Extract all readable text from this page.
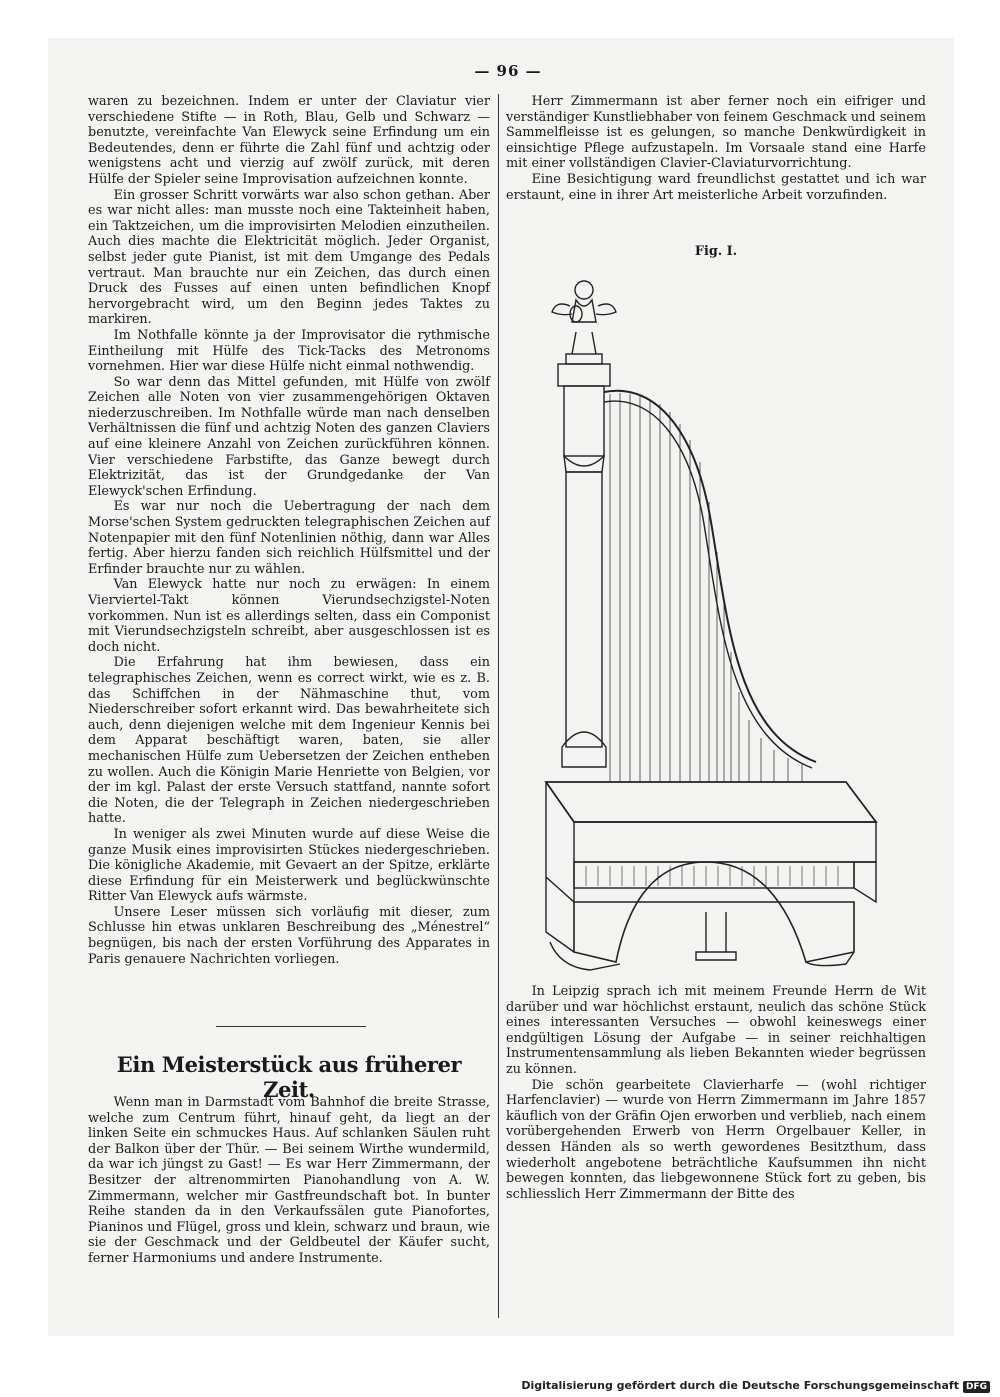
— 96 —

waren zu bezeichnen. Indem er unter der Claviatur vier verschiedene Stifte — in Roth, Blau, Gelb und Schwarz — benutzte, vereinfachte Van Elewyck seine Erfindung um ein Bedeutendes, denn er führte die Zahl fünf und achtzig oder wenigstens acht und vierzig auf zwölf zurück, mit deren Hülfe der Spieler seine Improvisation aufzeichnen konnte.

Ein grosser Schritt vorwärts war also schon gethan. Aber es war nicht alles: man musste noch eine Takteinheit haben, ein Taktzeichen, um die improvisirten Melodien einzutheilen. Auch dies machte die Elektricität möglich. Jeder Organist, selbst jeder gute Pianist, ist mit dem Umgange des Pedals vertraut. Man brauchte nur ein Zeichen, das durch einen Druck des Fusses auf einen unten befindlichen Knopf hervorgebracht wird, um den Beginn jedes Taktes zu markiren.

Im Nothfalle könnte ja der Improvisator die rythmische Eintheilung mit Hülfe des Tick-Tacks des Metronoms vornehmen. Hier war diese Hülfe nicht einmal nothwendig.

So war denn das Mittel gefunden, mit Hülfe von zwölf Zeichen alle Noten von vier zusammengehörigen Oktaven niederzuschreiben. Im Nothfalle würde man nach denselben Verhältnissen die fünf und achtzig Noten des ganzen Claviers auf eine kleinere Anzahl von Zeichen zurückführen können. Vier verschiedene Farbstifte, das Ganze bewegt durch Elektrizität, das ist der Grundgedanke der Van Elewyck'schen Erfindung.

Es war nur noch die Uebertragung der nach dem Morse'schen System gedruckten telegraphischen Zeichen auf Notenpapier mit den fünf Notenlinien nöthig, dann war Alles fertig. Aber hierzu fanden sich reichlich Hülfsmittel und der Erfinder brauchte nur zu wählen.

Van Elewyck hatte nur noch zu erwägen: In einem Vierviertel-Takt können Vierundsechzigstel-Noten vorkommen. Nun ist es allerdings selten, dass ein Componist mit Vierundsechzigsteln schreibt, aber ausgeschlossen ist es doch nicht.

Die Erfahrung hat ihm bewiesen, dass ein telegraphisches Zeichen, wenn es correct wirkt, wie es z. B. das Schiffchen in der Nähmaschine thut, vom Niederschreiber sofort erkannt wird. Das bewahrheitete sich auch, denn diejenigen welche mit dem Ingenieur Kennis bei dem Apparat beschäftigt waren, baten, sie aller mechanischen Hülfe zum Uebersetzen der Zeichen entheben zu wollen. Auch die Königin Marie Henriette von Belgien, vor der im kgl. Palast der erste Versuch stattfand, nannte sofort die Noten, die der Telegraph in Zeichen niedergeschrieben hatte.

In weniger als zwei Minuten wurde auf diese Weise die ganze Musik eines improvisirten Stückes niedergeschrieben. Die königliche Akademie, mit Gevaert an der Spitze, erklärte diese Erfindung für ein Meisterwerk und beglückwünschte Ritter Van Elewyck aufs wärmste.

Unsere Leser müssen sich vorläufig mit dieser, zum Schlusse hin etwas unklaren Beschreibung des „Ménestrel“ begnügen, bis nach der ersten Vorführung des Apparates in Paris genauere Nachrichten vorliegen.

Ein Meisterstück aus früherer Zeit.

Wenn man in Darmstadt vom Bahnhof die breite Strasse, welche zum Centrum führt, hinauf geht, da liegt an der linken Seite ein schmuckes Haus. Auf schlanken Säulen ruht der Balkon über der Thür. — Bei seinem Wirthe wundermild, da war ich jüngst zu Gast! — Es war Herr Zimmermann, der Besitzer der altrenommirten Pianohandlung von A. W. Zimmermann, welcher mir Gastfreundschaft bot. In bunter Reihe standen da in den Verkaufssälen gute Pianofortes, Pianinos und Flügel, gross und klein, schwarz und braun, wie sie der Geschmack und der Geldbeutel der Käufer sucht, ferner Harmoniums und andere Instrumente.

Herr Zimmermann ist aber ferner noch ein eifriger und verständiger Kunstliebhaber von feinem Geschmack und seinem Sammelfleisse ist es gelungen, so manche Denkwürdigkeit in einsichtige Pflege aufzustapeln. Im Vorsaale stand eine Harfe mit einer vollständigen Clavier-Claviaturvorrichtung.

Eine Besichtigung ward freundlichst gestattet und ich war erstaunt, eine in ihrer Art meisterliche Arbeit vorzufinden.

Fig. I.

In Leipzig sprach ich mit meinem Freunde Herrn de Wit darüber und war höchlichst erstaunt, neulich das schöne Stück eines interessanten Versuches — obwohl keineswegs einer endgültigen Lösung der Aufgabe — in seiner reichhaltigen Instrumentensammlung als lieben Bekannten wieder begrüssen zu können.

Die schön gearbeitete Clavierharfe — (wohl richtiger Harfenclavier) — wurde von Herrn Zimmermann im Jahre 1857 käuflich von der Gräfin Ojen erworben und verblieb, nach einem vorübergehenden Erwerb von Herrn Orgelbauer Keller, in dessen Händen als so werth gewordenes Besitzthum, dass wiederholt angebotene beträchtliche Kaufsummen ihn nicht bewegen konnten, das liebgewonnene Stück fort zu geben, bis schliesslich Herr Zimmermann der Bitte des

Digitalisierung gefördert durch die Deutsche Forschungsgemeinschaft DFG
